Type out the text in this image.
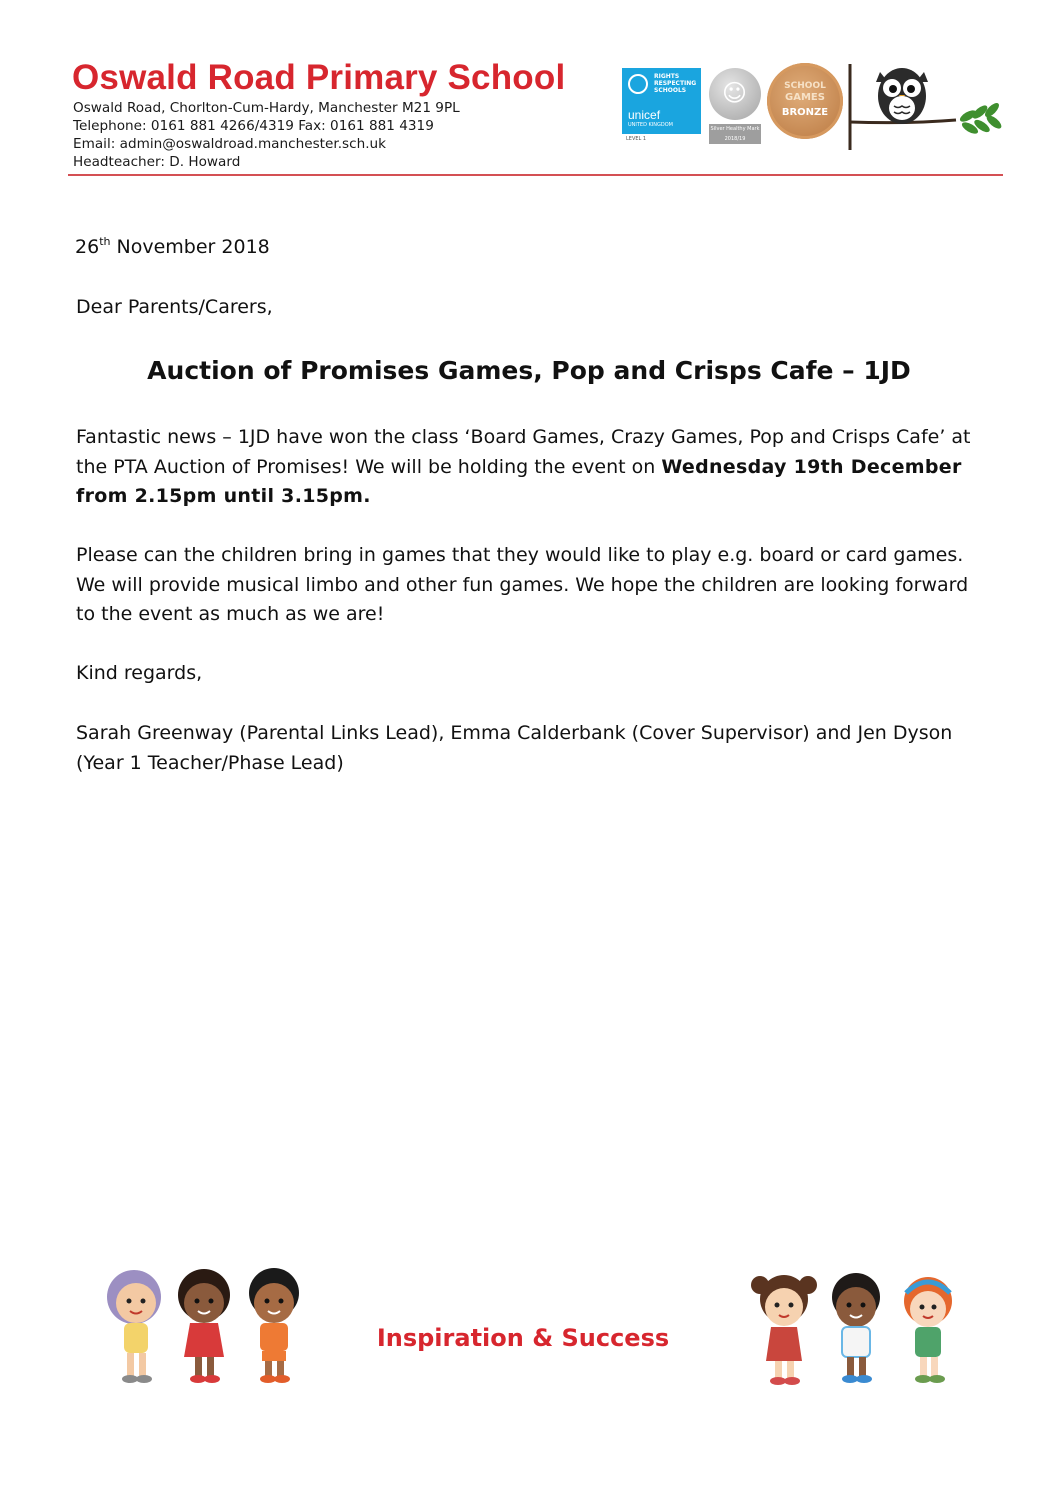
Oswald Road Primary School
Oswald Road, Chorlton-Cum-Hardy, Manchester M21 9PL
Telephone: 0161 881 4266/4319 Fax: 0161 881 4319
Email: admin@oswaldroad.manchester.sch.uk
Headteacher: D. Howard
RIGHTS RESPECTING SCHOOLS
unicef
UNITED KINGDOM
LEVEL 1
☺
Silver Healthy Mark 2018/19
SCHOOL
GAMES
BRONZE
26th November 2018
Dear Parents/Carers,
Auction of Promises Games, Pop and Crisps Cafe – 1JD

Fantastic news – 1JD have won the class ‘Board Games, Crazy Games, Pop and Crisps Cafe’ at the PTA Auction of Promises! We will be holding the event on Wednesday 19th December from 2.15pm until 3.15pm.

Please can the children bring in games that they would like to play e.g. board or card games. We will provide musical limbo and other fun games. We hope the children are looking forward to the event as much as we are!

Kind regards,

Sarah Greenway (Parental Links Lead), Emma Calderbank (Cover Supervisor) and Jen Dyson (Year 1 Teacher/Phase Lead)

Inspiration & Success
